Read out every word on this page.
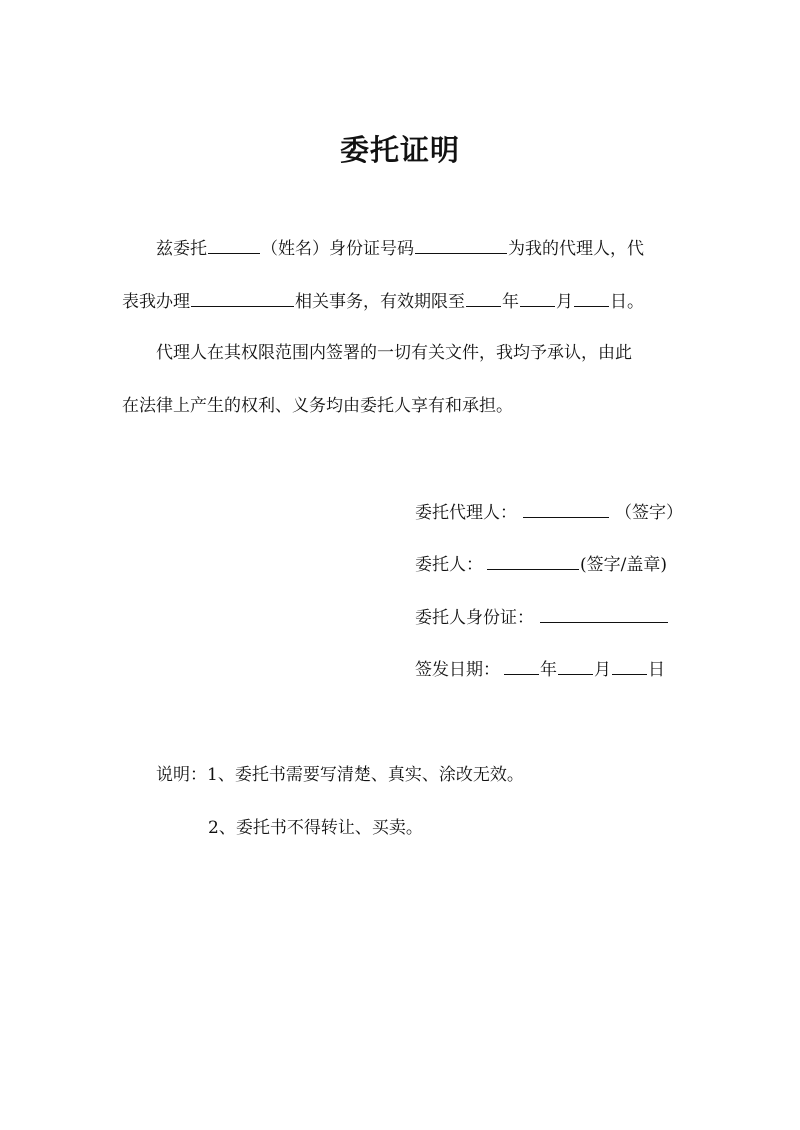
委托证明
兹委托	（姓名）身份证号码	为我的代理人，代
表我办理	相关事务，有效期限至 年 月 日。
代理人在其权限范围内签署的一切有关文件，我均予承认，由此
在法律上产生的权利、义务均由委托人享有和承担。
委托代理人：	（签字）
委托人：	(签字/盖章)
委托人身份证：
签发日期： 年 月 日
说明：1、委托书需要写清楚、真实、涂改无效。
2、委托书不得转让、买卖。
